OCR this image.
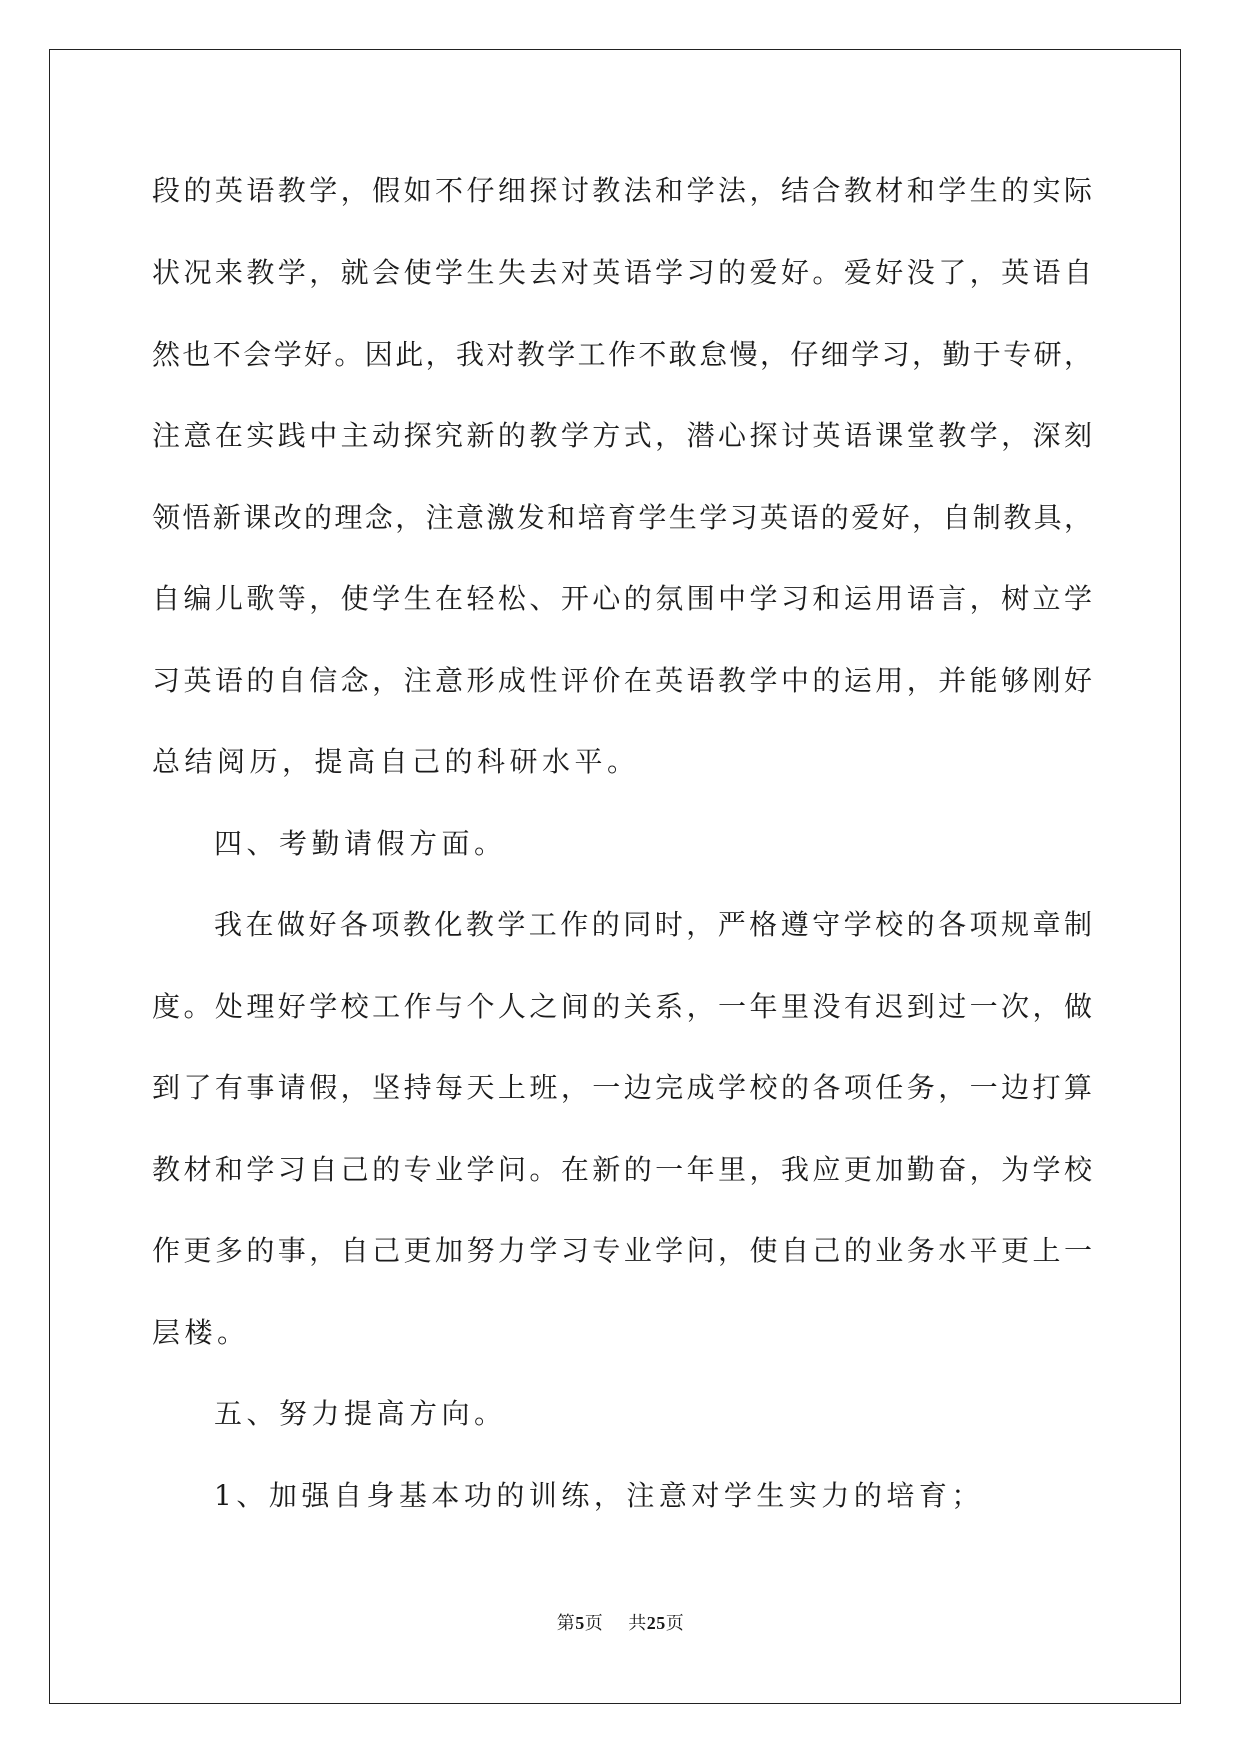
段的英语教学，假如不仔细探讨教法和学法，结合教材和学生的实际
状况来教学，就会使学生失去对英语学习的爱好。爱好没了，英语自
然也不会学好。因此，我对教学工作不敢怠慢，仔细学习，勤于专研，
注意在实践中主动探究新的教学方式，潜心探讨英语课堂教学，深刻
领悟新课改的理念，注意激发和培育学生学习英语的爱好，自制教具，
自编儿歌等，使学生在轻松、开心的氛围中学习和运用语言，树立学
习英语的自信念，注意形成性评价在英语教学中的运用，并能够刚好
总结阅历，提高自己的科研水平。
四、考勤请假方面。
我在做好各项教化教学工作的同时，严格遵守学校的各项规章制
度。处理好学校工作与个人之间的关系，一年里没有迟到过一次，做
到了有事请假，坚持每天上班，一边完成学校的各项任务，一边打算
教材和学习自己的专业学问。在新的一年里，我应更加勤奋，为学校
作更多的事，自己更加努力学习专业学问，使自己的业务水平更上一
层楼。
五、努力提高方向。
1、加强自身基本功的训练，注意对学生实力的培育；
第5页 共25页
